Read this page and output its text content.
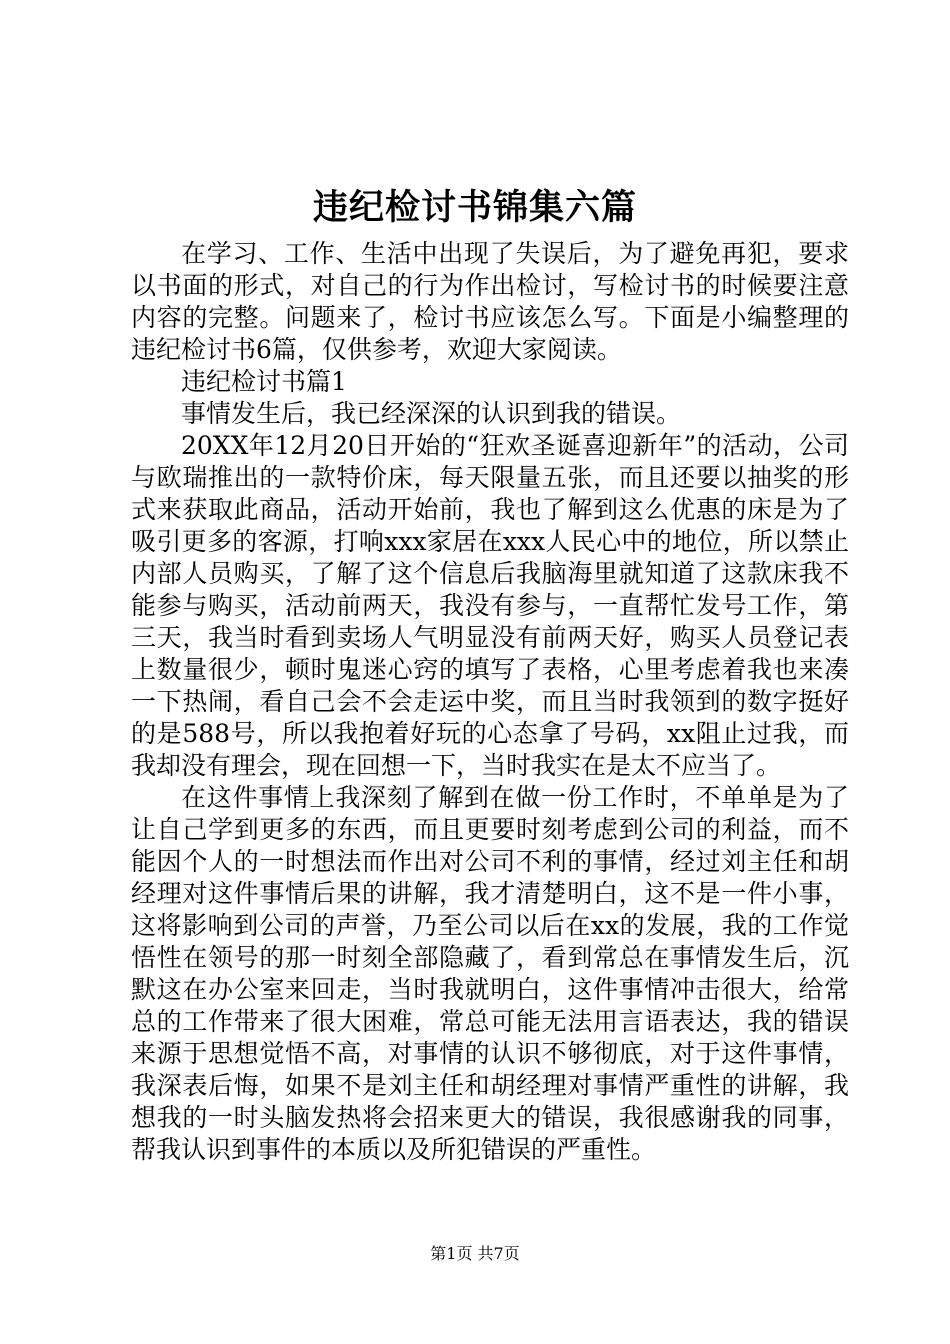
违纪检讨书锦集六篇

在学习、工作、生活中出现了失误后，为了避免再犯，要求以书面的形式，对自己的行为作出检讨，写检讨书的时候要注意内容的完整。问题来了，检讨书应该怎么写。下面是小编整理的违纪检讨书6篇，仅供参考，欢迎大家阅读。

违纪检讨书篇1

事情发生后，我已经深深的认识到我的错误。

20XX年12月20日开始的“狂欢圣诞喜迎新年”的活动，公司与欧瑞推出的一款特价床，每天限量五张，而且还要以抽奖的形式来获取此商品，活动开始前，我也了解到这么优惠的床是为了吸引更多的客源，打响xxx家居在xxx人民心中的地位，所以禁止内部人员购买，了解了这个信息后我脑海里就知道了这款床我不能参与购买，活动前两天，我没有参与，一直帮忙发号工作，第三天，我当时看到卖场人气明显没有前两天好，购买人员登记表上数量很少，顿时鬼迷心窍的填写了表格，心里考虑着我也来凑一下热闹，看自己会不会走运中奖，而且当时我领到的数字挺好的是588号，所以我抱着好玩的心态拿了号码，xx阻止过我，而我却没有理会，现在回想一下，当时我实在是太不应当了。

在这件事情上我深刻了解到在做一份工作时，不单单是为了让自己学到更多的东西，而且更要时刻考虑到公司的利益，而不能因个人的一时想法而作出对公司不利的事情，经过刘主任和胡经理对这件事情后果的讲解，我才清楚明白，这不是一件小事，这将影响到公司的声誉，乃至公司以后在xx的发展，我的工作觉悟性在领号的那一时刻全部隐藏了，看到常总在事情发生后，沉默这在办公室来回走，当时我就明白，这件事情冲击很大，给常总的工作带来了很大困难，常总可能无法用言语表达，我的错误来源于思想觉悟不高，对事情的认识不够彻底，对于这件事情，我深表后悔，如果不是刘主任和胡经理对事情严重性的讲解，我想我的一时头脑发热将会招来更大的错误，我很感谢我的同事，帮我认识到事件的本质以及所犯错误的严重性。

第1页 共7页
